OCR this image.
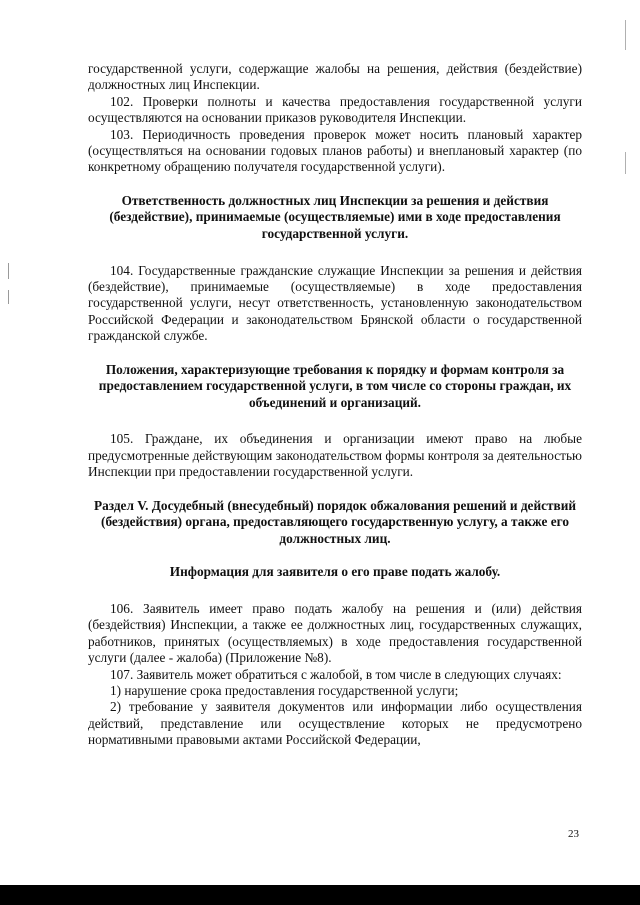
государственной услуги, содержащие жалобы на решения, действия (бездействие) должностных лиц Инспекции.

102. Проверки полноты и качества предоставления государственной услуги осуществляются на основании приказов руководителя Инспекции.

103. Периодичность проведения проверок может носить плановый характер (осуществляться на основании годовых планов работы) и внеплановый характер (по конкретному обращению получателя государственной услуги).

Ответственность должностных лиц Инспекции за решения и действия (бездействие), принимаемые (осуществляемые) ими в ходе предоставления государственной услуги.

104. Государственные гражданские служащие Инспекции за решения и действия (бездействие), принимаемые (осуществляемые) в ходе предоставления государственной услуги, несут ответственность, установленную законодательством Российской Федерации и законодательством Брянской области о государственной гражданской службе.

Положения, характеризующие требования к порядку и формам контроля за предоставлением государственной услуги, в том числе со стороны граждан, их объединений и организаций.

105. Граждане, их объединения и организации имеют право на любые предусмотренные действующим законодательством формы контроля за деятельностью Инспекции при предоставлении государственной услуги.

Раздел V. Досудебный (внесудебный) порядок обжалования решений и действий (бездействия) органа, предоставляющего государственную услугу, а также его должностных лиц.
Информация для заявителя о его праве подать жалобу.

106. Заявитель имеет право подать жалобу на решения и (или) действия (бездействия) Инспекции, а также ее должностных лиц, государственных служащих, работников, принятых (осуществляемых) в ходе предоставления государственной услуги (далее - жалоба) (Приложение №8).

107. Заявитель может обратиться с жалобой, в том числе в следующих случаях:

1) нарушение срока предоставления государственной услуги;

2) требование у заявителя документов или информации либо осуществления действий, представление или осуществление которых не предусмотрено нормативными правовыми актами Российской Федерации,

23
